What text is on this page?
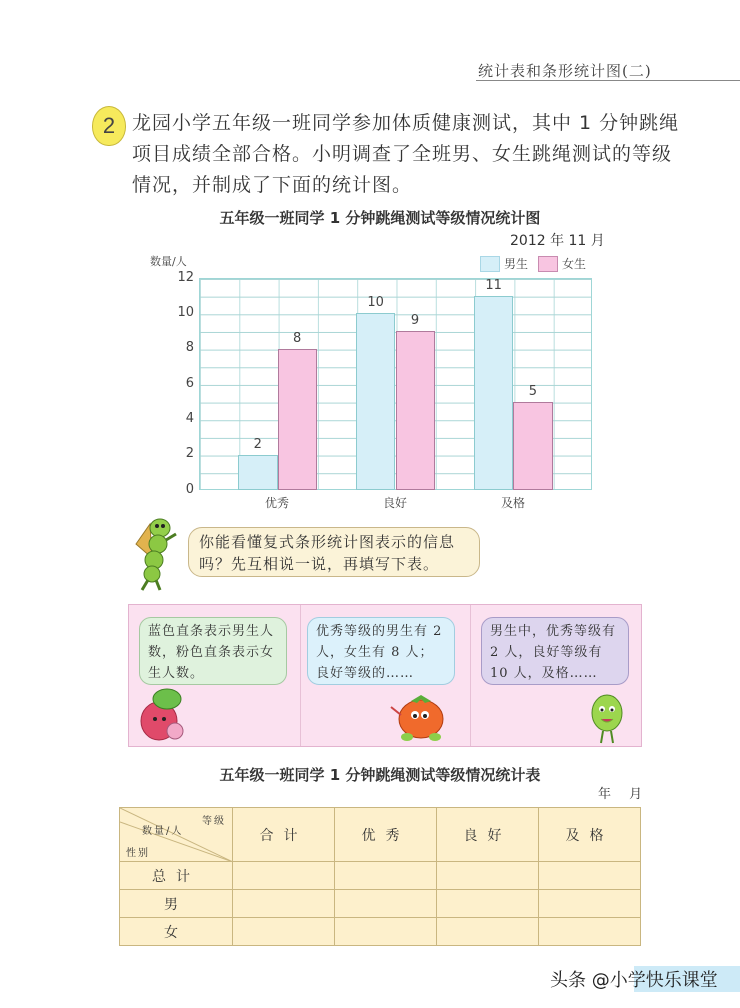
统计表和条形统计图(二)
2 龙园小学五年级一班同学参加体质健康测试，其中 1 分钟跳绳项目成绩全部合格。小明调查了全班男、女生跳绳测试的等级情况，并制成了下面的统计图。
五年级一班同学 1 分钟跳绳测试等级情况统计图
2012 年 11 月
数量/人	男生	女生
0
2
4
6
8
10
12
2
8
10
9
11
5
优秀	良好	及格
你能看懂复式条形统计图表示的信息吗？先互相说一说，再填写下表。
蓝色直条表示男生人数，粉色直条表示女生人数。
优秀等级的男生有 2 人，女生有 8 人；良好等级的……
男生中，优秀等级有 2 人，良好等级有 10 人，及格……
五年级一班同学 1 分钟跳绳测试等级情况统计表
年 月
等级
数量/人
性别	合计	优秀	良好	及格
总计				
男				
女				
头条 @小学快乐课堂
